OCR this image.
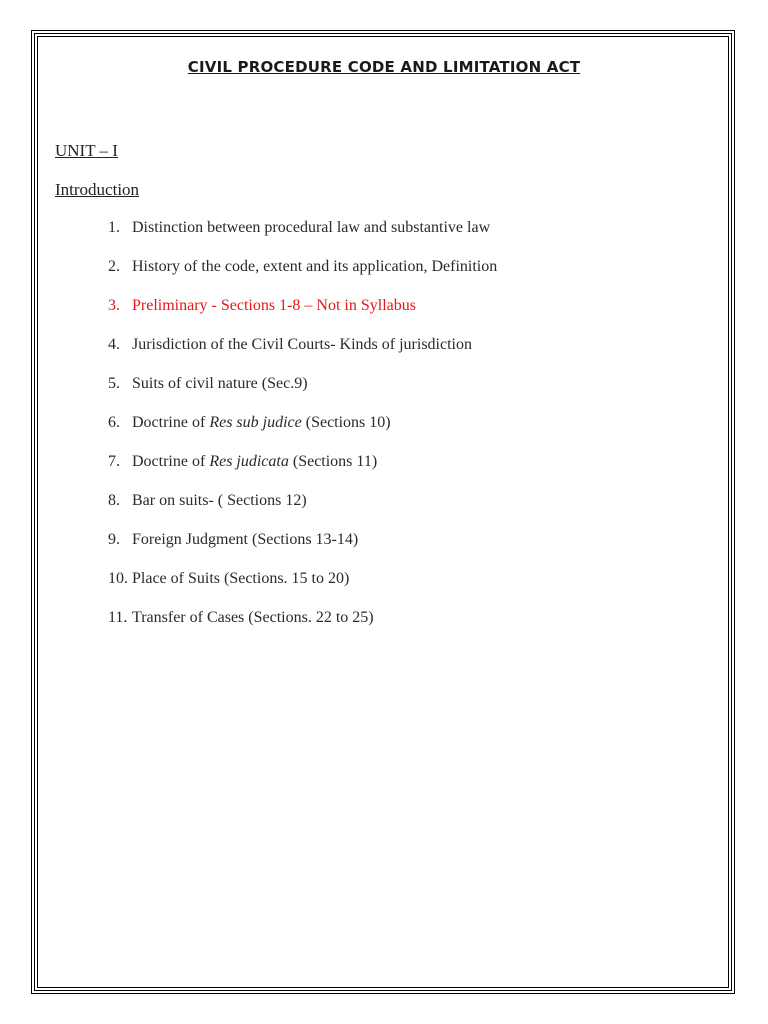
CIVIL PROCEDURE CODE AND LIMITATION ACT
UNIT – I
Introduction
1. Distinction between procedural law and substantive law
2. History of the code, extent and its application, Definition
3. Preliminary - Sections 1-8 – Not in Syllabus
4. Jurisdiction of the Civil Courts- Kinds of jurisdiction
5. Suits of civil nature (Sec.9)
6. Doctrine of Res sub judice (Sections 10)
7. Doctrine of Res judicata (Sections 11)
8. Bar on suits- ( Sections 12)
9. Foreign Judgment (Sections 13-14)
10. Place of Suits (Sections. 15 to 20)
11. Transfer of Cases (Sections. 22 to 25)
